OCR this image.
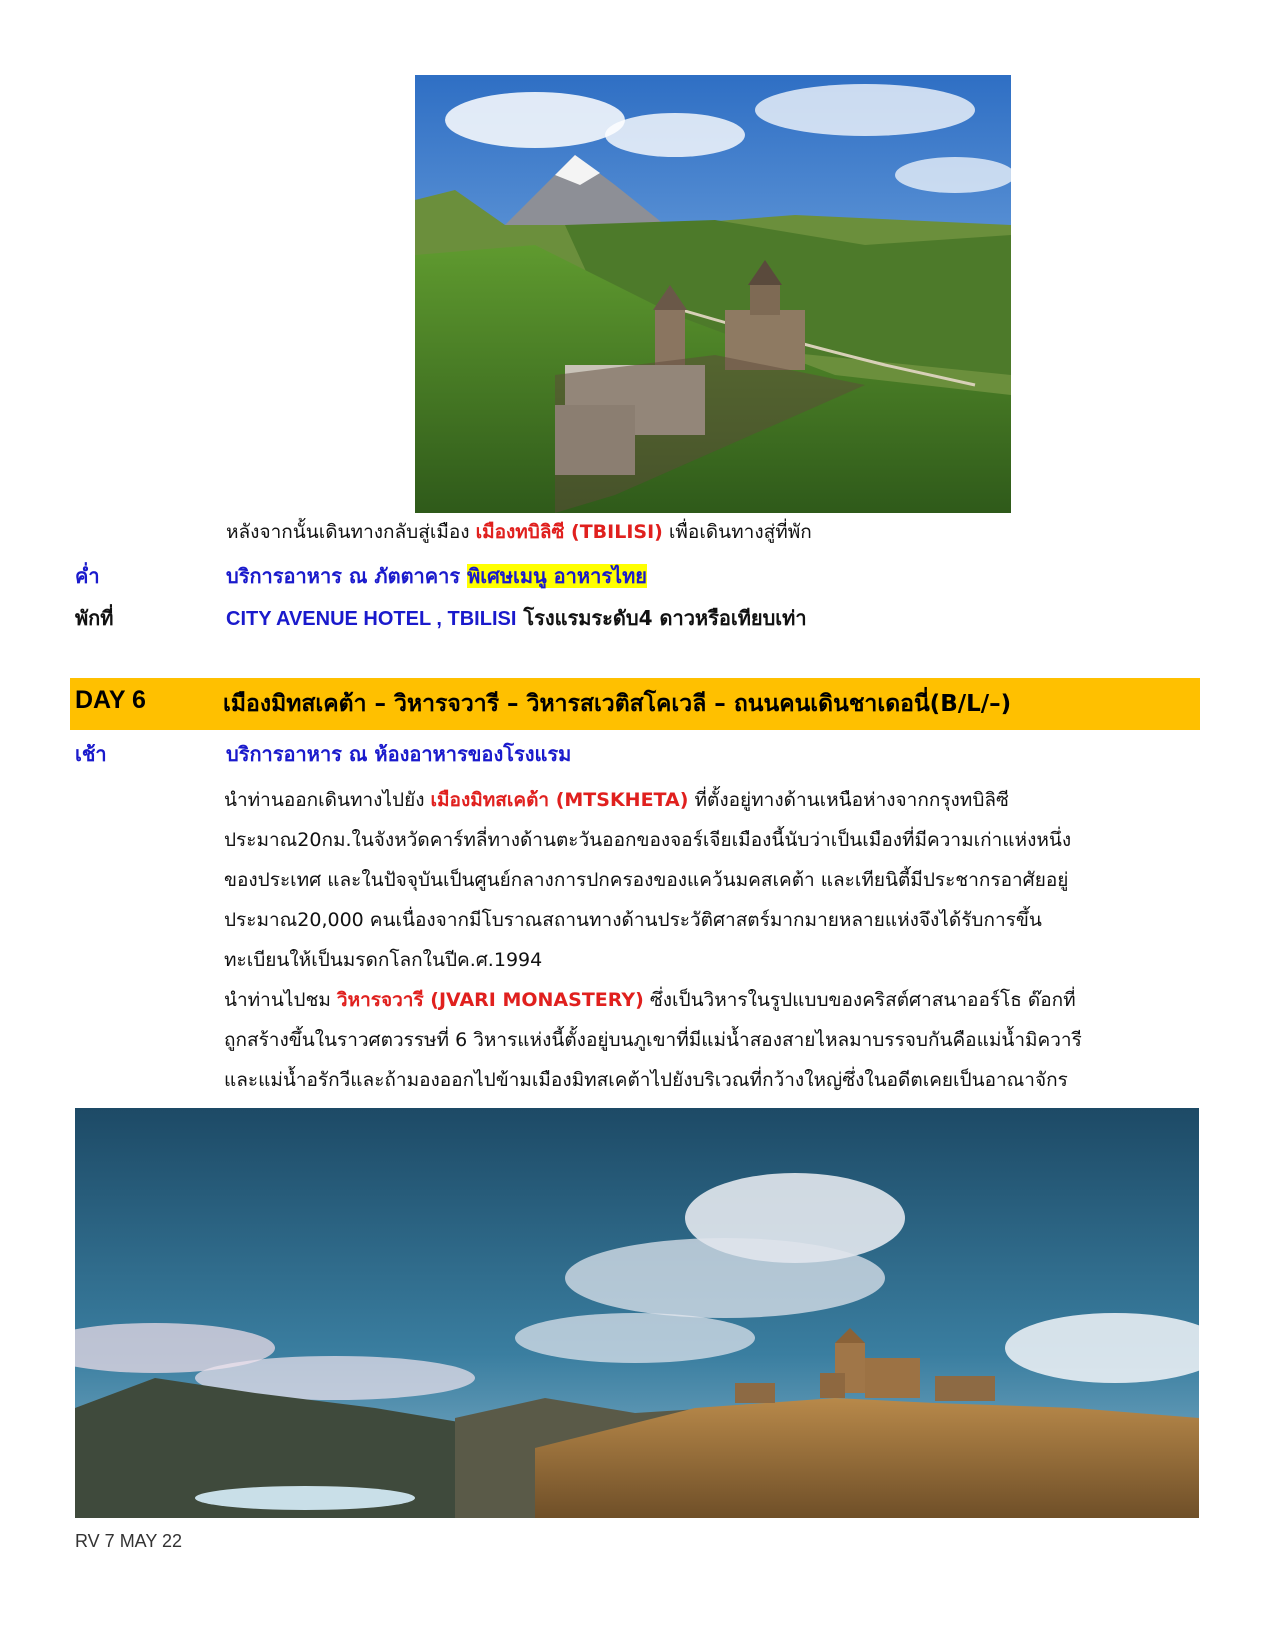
หลังจากนั้นเดินทางกลับสู่เมือง เมืองทบิลิซี (TBILISI) เพื่อเดินทางสู่ที่พัก
ค่ำ	บริการอาหาร ณ ภัตตาคาร พิเศษเมนู อาหารไทย
พักที่	CITY AVENUE HOTEL , TBILISI โรงแรมระดับ4 ดาวหรือเทียบเท่า
DAY 6	เมืองมิทสเคต้า – วิหารจวารี – วิหารสเวติสโคเวลี – ถนนคนเดินชาเดอนี่(B/L/–)
เช้า	บริการอาหาร ณ ห้องอาหารของโรงแรม
นำท่านออกเดินทางไปยัง เมืองมิทสเคต้า (MTSKHETA) ที่ตั้งอยู่ทางด้านเหนือห่างจากกรุงทบิลิซี
ประมาณ20กม.ในจังหวัดคาร์ทลี่ทางด้านตะวันออกของจอร์เจียเมืองนี้นับว่าเป็นเมืองที่มีความเก่าแห่งหนึ่ง
ของประเทศ และในปัจจุบันเป็นศูนย์กลางการปกครองของแคว้นมคสเคต้า และเทียนิตี้มีประชากรอาศัยอยู่
ประมาณ20,000 คนเนื่องจากมีโบราณสถานทางด้านประวัติศาสตร์มากมายหลายแห่งจึงได้รับการขึ้น
ทะเบียนให้เป็นมรดกโลกในปีค.ศ.1994
นำท่านไปชม วิหารจวารี (JVARI MONASTERY) ซึ่งเป็นวิหารในรูปแบบของคริสต์ศาสนาออร์โธ ด๊อกที่
ถูกสร้างขึ้นในราวศตวรรษที่ 6 วิหารแห่งนี้ตั้งอยู่บนภูเขาที่มีแม่น้ำสองสายไหลมาบรรจบกันคือแม่น้ำมิควารี
และแม่น้ำอรักวีและถ้ามองออกไปข้ามเมืองมิทสเคต้าไปยังบริเวณที่กว้างใหญ่ซึ่งในอดีตเคยเป็นอาณาจักร
RV 7 MAY 22
